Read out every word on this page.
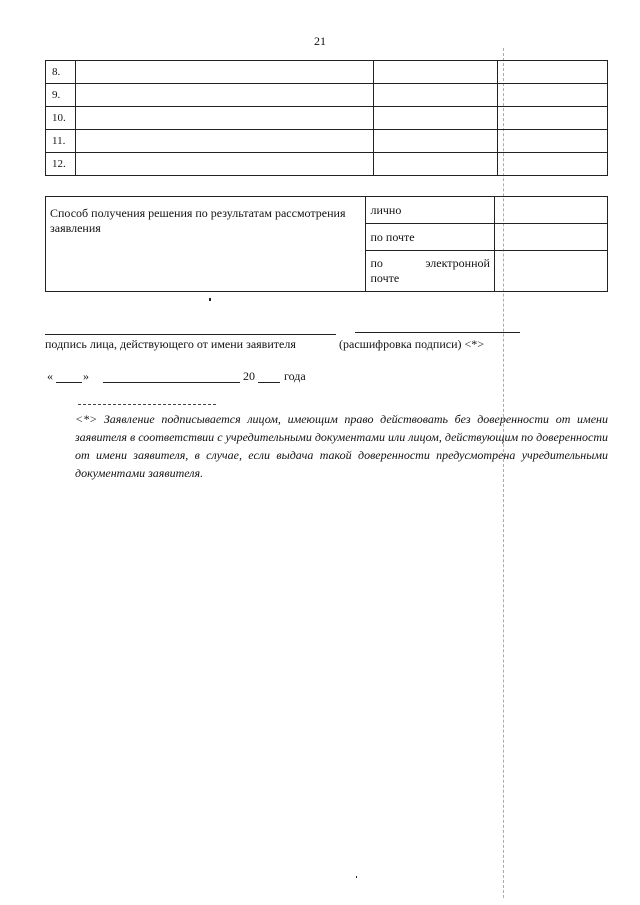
21
8.			
9.			
10.			
11.			
12.			
Способ получения решения по результатам рассмотрения заявления	лично	
	по почте	

	по электронной
почте	

подпись лица, действующего от имени заявителя	(расшифровка подписи) <*>
«	»	20 года
<*> Заявление подписывается лицом, имеющим право действовать без доверенности от имени заявителя в соответствии с учредительными документами или лицом, действующим по доверенности от имени заявителя, в случае, если выдача такой доверенности предусмотрена учредительными документами заявителя.
